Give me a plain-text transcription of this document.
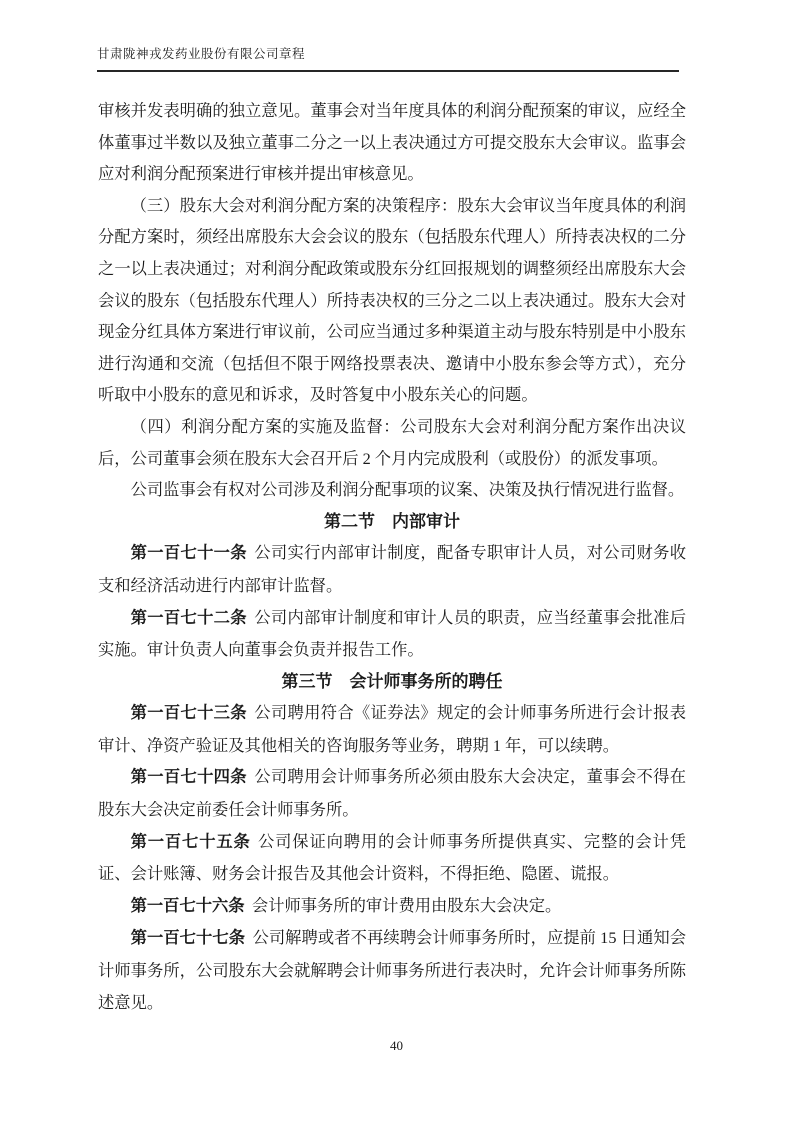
甘肃陇神戎发药业股份有限公司章程

审核并发表明确的独立意见。董事会对当年度具体的利润分配预案的审议，应经全体董事过半数以及独立董事二分之一以上表决通过方可提交股东大会审议。监事会应对利润分配预案进行审核并提出审核意见。

（三）股东大会对利润分配方案的决策程序：股东大会审议当年度具体的利润分配方案时，须经出席股东大会会议的股东（包括股东代理人）所持表决权的二分之一以上表决通过；对利润分配政策或股东分红回报规划的调整须经出席股东大会会议的股东（包括股东代理人）所持表决权的三分之二以上表决通过。股东大会对现金分红具体方案进行审议前，公司应当通过多种渠道主动与股东特别是中小股东进行沟通和交流（包括但不限于网络投票表决、邀请中小股东参会等方式），充分听取中小股东的意见和诉求，及时答复中小股东关心的问题。

（四）利润分配方案的实施及监督：公司股东大会对利润分配方案作出决议后，公司董事会须在股东大会召开后 2 个月内完成股利（或股份）的派发事项。

公司监事会有权对公司涉及利润分配事项的议案、决策及执行情况进行监督。

第二节　内部审计

第一百七十一条 公司实行内部审计制度，配备专职审计人员，对公司财务收支和经济活动进行内部审计监督。

第一百七十二条 公司内部审计制度和审计人员的职责，应当经董事会批准后实施。审计负责人向董事会负责并报告工作。

第三节　会计师事务所的聘任

第一百七十三条 公司聘用符合《证券法》规定的会计师事务所进行会计报表审计、净资产验证及其他相关的咨询服务等业务，聘期 1 年，可以续聘。

第一百七十四条 公司聘用会计师事务所必须由股东大会决定，董事会不得在股东大会决定前委任会计师事务所。

第一百七十五条 公司保证向聘用的会计师事务所提供真实、完整的会计凭证、会计账簿、财务会计报告及其他会计资料，不得拒绝、隐匿、谎报。

第一百七十六条 会计师事务所的审计费用由股东大会决定。

第一百七十七条 公司解聘或者不再续聘会计师事务所时，应提前 15 日通知会计师事务所，公司股东大会就解聘会计师事务所进行表决时，允许会计师事务所陈述意见。

40
